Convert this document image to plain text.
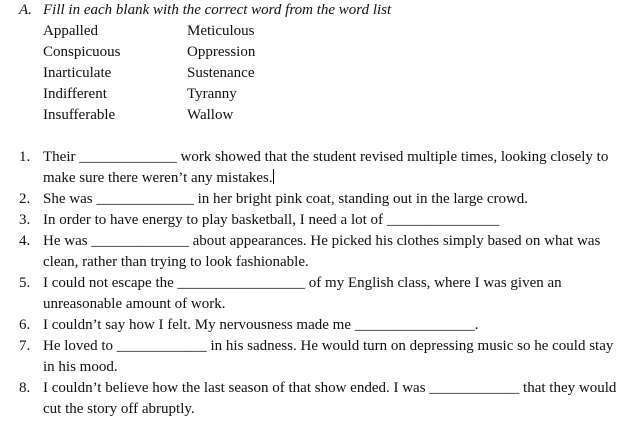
A. Fill in each blank with the correct word from the word list
Appalled	Meticulous
Conspicuous	Oppression
Inarticulate	Sustenance
Indifferent	Tyranny
Insufferable	Wallow
1. Their _____________ work showed that the student revised multiple times, looking closely to make sure there weren’t any mistakes.
2. She was _____________ in her bright pink coat, standing out in the large crowd.
3. In order to have energy to play basketball, I need a lot of _______________
4. He was _____________ about appearances. He picked his clothes simply based on what was clean, rather than trying to look fashionable.
5. I could not escape the _________________ of my English class, where I was given an unreasonable amount of work.
6. I couldn’t say how I felt. My nervousness made me ________________.
7. He loved to ____________ in his sadness. He would turn on depressing music so he could stay in his mood.
8. I couldn’t believe how the last season of that show ended. I was ____________ that they would cut the story off abruptly.
